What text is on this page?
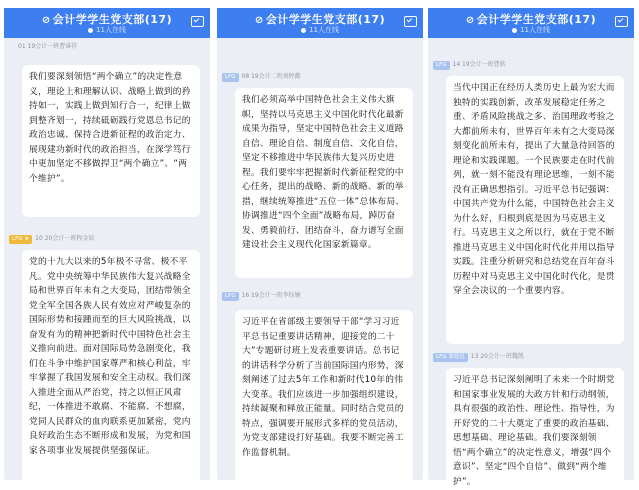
⊘ 会计学学生党支部(17)
11人在线
01 19会计一班曹睿祥
我们要深刻领悟“两个确立”的决定性意义，理论上和理解认识、战略上做到的矜持如一，实践上做到知行合一，纪律上做到整齐划一，持续砥砺践行党恩总书记的政治忠诚、保持合进新征程的政治定力、展现建功新时代的政治担当，在深学笃行中更加坚定不移做捍卫“两个确立”、“两个维护”。
LFG ★ 10 20会计一班程金辰
党的十九大以来的5年极不寻常、极不平凡。党中央统筹中华民族伟大复兴战略全局和世界百年未有之大变局，团结带领全党全军全国各族人民有效应对严峻复杂的国际形势和接踵而至的巨大风险挑战，以奋发有为的精神把新时代中国特色社会主义推向前进。面对国际局势急剧变化，我们在斗争中维护国家尊严和核心利益，牢牢掌握了我国发展和安全主动权。我们深入推进全面从严治党，持之以恒正风肃纪，一体推进不敢腐、不能腐、不想腐，党同人民群众的血肉联系更加紧密，党内良好政治生态不断形成和发展，为党和国家各项事业发展提供坚强保证。
⊘ 会计学学生党支部(17)
11人在线
LFG 08 19会计二班刘婷懿
我们必须高举中国特色社会主义伟大旗帜，坚持以马克思主义中国化时代化最新成果为指导，坚定中国特色社会主义道路自信、理论自信、制度自信、文化自信，坚定不移推进中华民族伟大复兴历史进程。我们要牢牢把握新时代新征程党的中心任务，提出的战略、新的战略、新的举措，继续统筹推进“五位一体”总体布局、协调推进“四个全面”战略布局，踔厉奋发、勇毅前行、团结奋斗，奋力谱写全面建设社会主义现代化国家新篇章。
LFG 16 19会计一班李钰婉
习近平在省部级主要领导干部“学习习近平总书记重要讲话精神，迎接党的二十大”专题研讨班上发表重要讲话。总书记的讲话科学分析了当前国际国内形势，深刻阐述了过去5年工作和新时代10年的伟大变革。我们应该进一步加强组织建设，持续凝聚和释放正能量。同时结合党员的特点，强调要开展形式多样的党员活动，为党支部建设打好基础。我要不断完善工作监督机制。
⊘ 会计学学生党支部(17)
11人在线
LFG 14 19会计一班曹欣
当代中国正在经历人类历史上最为宏大而独特的实践创新，改革发展稳定任务之重、矛盾风险挑战之多、治国理政考验之大都前所未有，世界百年未有之大变局深刻变化前所未有，提出了大量急待回答的理论和实践课题。一个民族要走在时代前列，就一刻不能没有理论思维，一刻不能没有正确思想指引。习近平总书记强调：中国共产党为什么能，中国特色社会主义为什么好，归根到底是因为马克思主义行。马克思主义之所以行，就在于党不断推进马克思主义中国化时代化并用以指导实践。注重分析研究和总结党在百年奋斗历程中对马克思主义中国化时代化，是贯穿全会决议的一个重要内容。
LFG 要德息 13 20会计一班魏凯
习近平总书记深刻阐明了未来一个时期党和国家事业发展的大政方针和行动纲领，具有很强的政治性、理论性、指导性，为开好党的二十大奠定了重要的政治基础、思想基础、理论基础。我们要深刻领悟“两个确立”的决定性意义，增强“四个意识”、坚定“四个自信”、做到“两个维护”。
